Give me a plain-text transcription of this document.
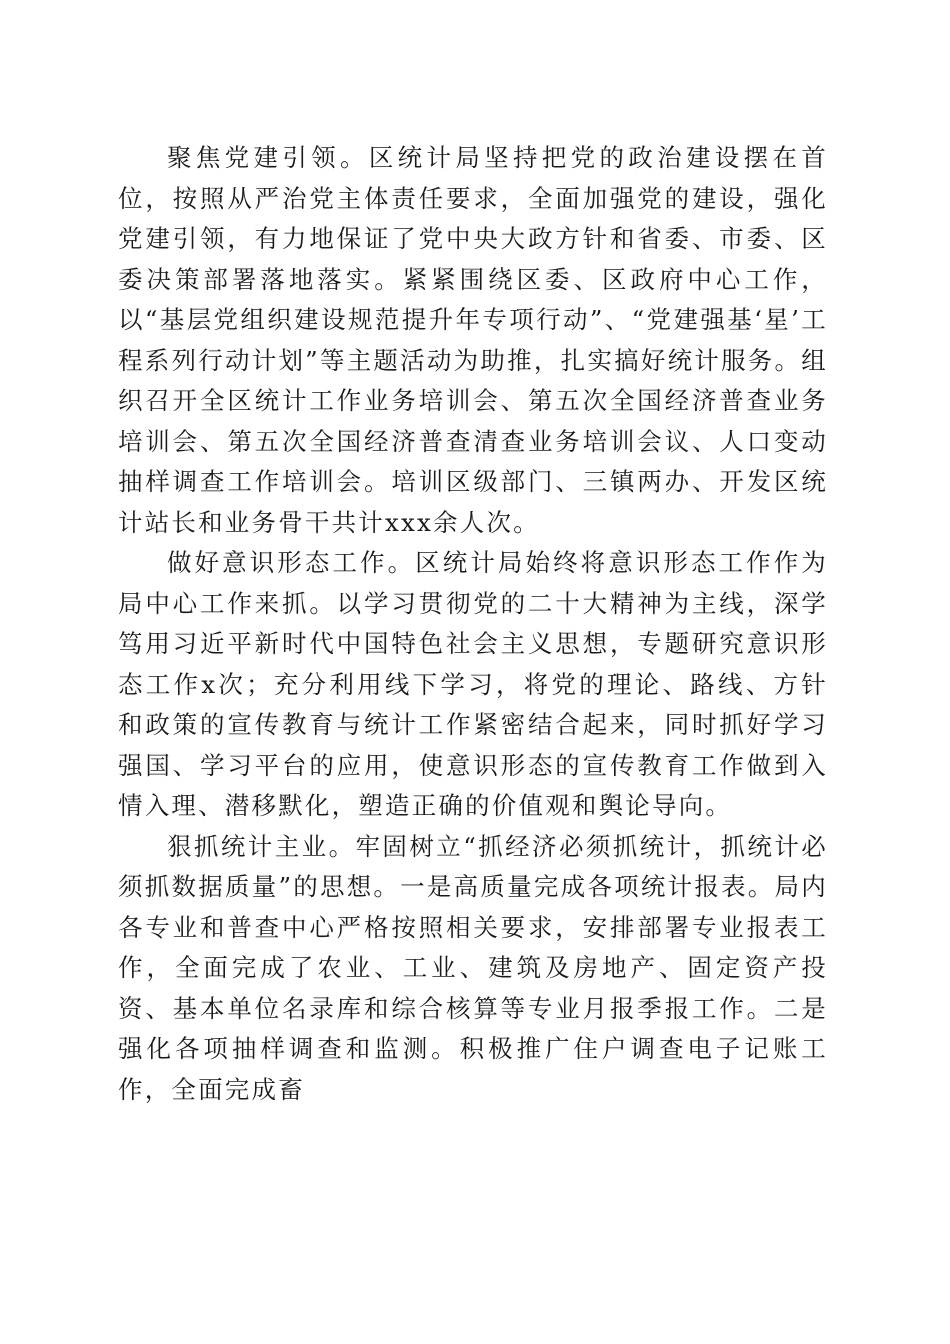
聚焦党建引领。区统计局坚持把党的政治建设摆在首位，按照从严治党主体责任要求，全面加强党的建设，强化党建引领，有力地保证了党中央大政方针和省委、市委、区委决策部署落地落实。紧紧围绕区委、区政府中心工作，以“基层党组织建设规范提升年专项行动”、“党建强基‘星’工程系列行动计划”等主题活动为助推，扎实搞好统计服务。组织召开全区统计工作业务培训会、第五次全国经济普查业务培训会、第五次全国经济普查清查业务培训会议、人口变动抽样调查工作培训会。培训区级部门、三镇两办、开发区统计站长和业务骨干共计xxx余人次。

做好意识形态工作。区统计局始终将意识形态工作作为局中心工作来抓。以学习贯彻党的二十大精神为主线，深学笃用习近平新时代中国特色社会主义思想，专题研究意识形态工作x次；充分利用线下学习，将党的理论、路线、方针和政策的宣传教育与统计工作紧密结合起来，同时抓好学习强国、学习平台的应用，使意识形态的宣传教育工作做到入情入理、潜移默化，塑造正确的价值观和舆论导向。

狠抓统计主业。牢固树立“抓经济必须抓统计，抓统计必须抓数据质量”的思想。一是高质量完成各项统计报表。局内各专业和普查中心严格按照相关要求，安排部署专业报表工作，全面完成了农业、工业、建筑及房地产、固定资产投资、基本单位名录库和综合核算等专业月报季报工作。二是强化各项抽样调查和监测。积极推广住户调查电子记账工作，全面完成畜
